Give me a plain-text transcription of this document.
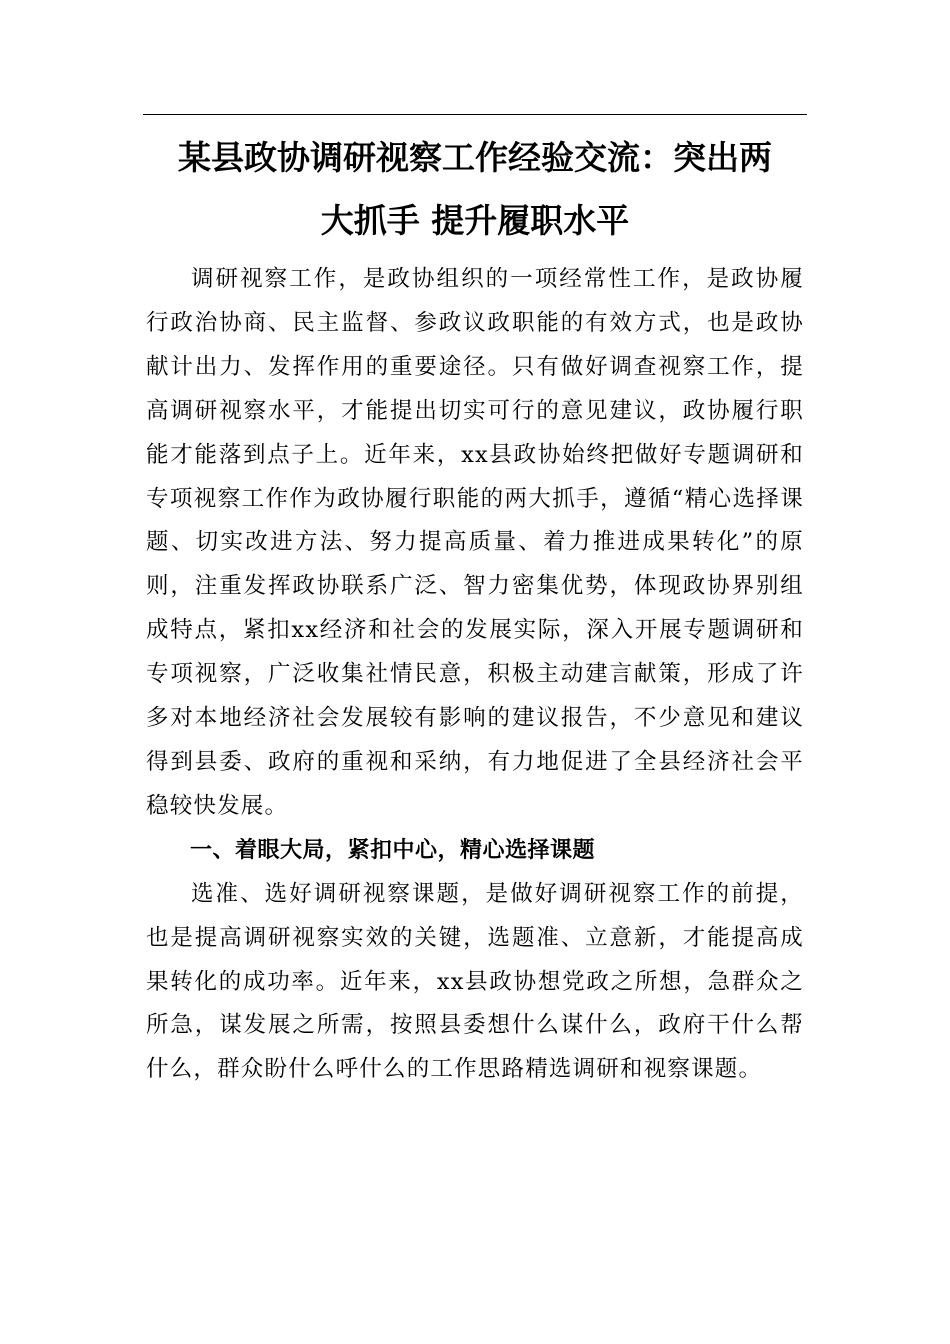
某县政协调研视察工作经验交流：突出两
大抓手 提升履职水平

调研视察工作，是政协组织的一项经常性工作，是政协履行政治协商、民主监督、参政议政职能的有效方式，也是政协献计出力、发挥作用的重要途径。只有做好调查视察工作，提高调研视察水平，才能提出切实可行的意见建议，政协履行职能才能落到点子上。近年来，xx县政协始终把做好专题调研和专项视察工作作为政协履行职能的两大抓手，遵循“精心选择课题、切实改进方法、努力提高质量、着力推进成果转化”的原则，注重发挥政协联系广泛、智力密集优势，体现政协界别组成特点，紧扣xx经济和社会的发展实际，深入开展专题调研和专项视察，广泛收集社情民意，积极主动建言献策，形成了许多对本地经济社会发展较有影响的建议报告，不少意见和建议得到县委、政府的重视和采纳，有力地促进了全县经济社会平稳较快发展。

一、着眼大局，紧扣中心，精心选择课题

选准、选好调研视察课题，是做好调研视察工作的前提，也是提高调研视察实效的关键，选题准、立意新，才能提高成果转化的成功率。近年来，xx县政协想党政之所想，急群众之所急，谋发展之所需，按照县委想什么谋什么，政府干什么帮什么，群众盼什么呼什么的工作思路精选调研和视察课题。
